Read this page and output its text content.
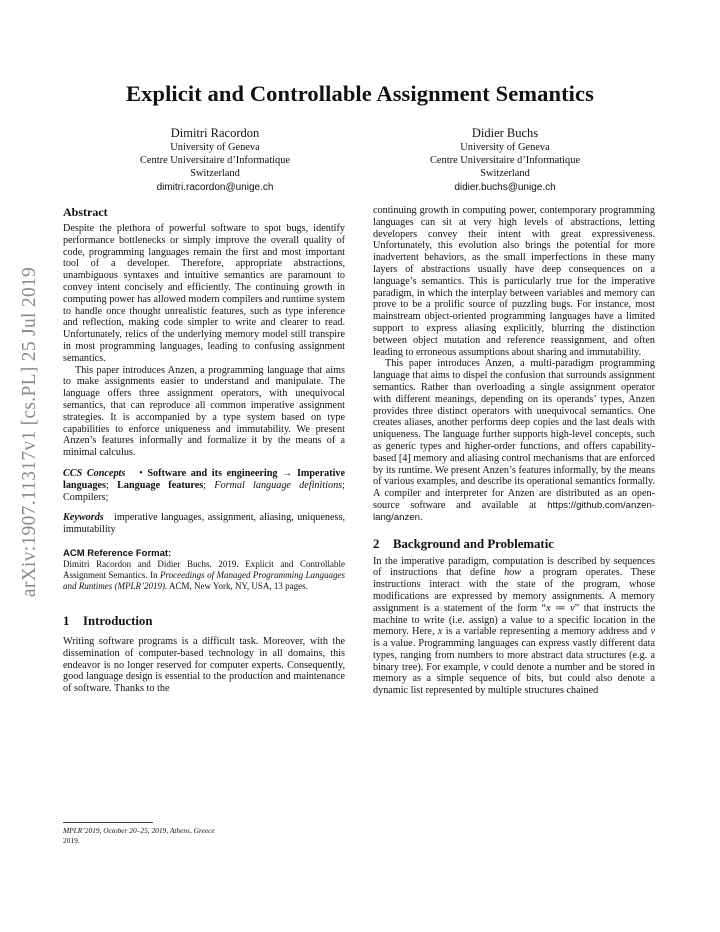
arXiv:1907.11317v1 [cs.PL] 25 Jul 2019
Explicit and Controllable Assignment Semantics
Dimitri Racordon
University of Geneva
Centre Universitaire d’Informatique
Switzerland
dimitri.racordon@unige.ch
Didier Buchs
University of Geneva
Centre Universitaire d’Informatique
Switzerland
didier.buchs@unige.ch
Abstract

Despite the plethora of powerful software to spot bugs, identify performance bottlenecks or simply improve the overall quality of code, programming languages remain the first and most important tool of a developer. Therefore, appropriate abstractions, unambiguous syntaxes and intuitive semantics are paramount to convey intent concisely and efficiently. The continuing growth in computing power has allowed modern compilers and runtime system to handle once thought unrealistic features, such as type inference and reflection, making code simpler to write and clearer to read. Unfortunately, relics of the underlying memory model still transpire in most programming languages, leading to confusing assignment semantics.

This paper introduces Anzen, a programming language that aims to make assignments easier to understand and manipulate. The language offers three assignment operators, with unequivocal semantics, that can reproduce all common imperative assignment strategies. It is accompanied by a type system based on type capabilities to enforce uniqueness and immutability. We present Anzen’s features informally and formalize it by the means of a minimal calculus.

CCS Concepts • Software and its engineering → Imperative languages; Language features; Formal language definitions; Compilers;

Keywords imperative languages, assignment, aliasing, uniqueness, immutability

ACM Reference Format:

Dimitri Racordon and Didier Buchs. 2019. Explicit and Controllable Assignment Semantics. In Proceedings of Managed Programming Languages and Runtimes (MPLR’2019). ACM, New York, NY, USA, 13 pages.

1 Introduction

Writing software programs is a difficult task. Moreover, with the dissemination of computer-based technology in all domains, this endeavor is no longer reserved for computer experts. Consequently, good language design is essential to the production and maintenance of software. Thanks to the

continuing growth in computing power, contemporary programming languages can sit at very high levels of abstractions, letting developers convey their intent with great expressiveness. Unfortunately, this evolution also brings the potential for more inadvertent behaviors, as the small imperfections in these many layers of abstractions usually have deep consequences on a language’s semantics. This is particularly true for the imperative paradigm, in which the interplay between variables and memory can prove to be a prolific source of puzzling bugs. For instance, most mainstream object-oriented programming languages have a limited support to express aliasing explicitly, blurring the distinction between object mutation and reference reassignment, and often leading to erroneous assumptions about sharing and immutability.

This paper introduces Anzen, a multi-paradigm programming language that aims to dispel the confusion that surrounds assignment semantics. Rather than overloading a single assignment operator with different meanings, depending on its operands’ types, Anzen provides three distinct operators with unequivocal semantics. One creates aliases, another performs deep copies and the last deals with uniqueness. The language further supports high-level concepts, such as generic types and higher-order functions, and offers capability-based [4] memory and aliasing control mechanisms that are enforced by its runtime. We present Anzen’s features informally, by the means of various examples, and describe its operational semantics formally. A compiler and interpreter for Anzen are distributed as an open-source software and available at https://github.com/anzen-lang/anzen.

2 Background and Problematic

In the imperative paradigm, computation is described by sequences of instructions that define how a program operates. These instructions interact with the state of the program, whose modifications are expressed by memory assignments. A memory assignment is a statement of the form “x ≔ v” that instructs the machine to write (i.e. assign) a value to a specific location in the memory. Here, x is a variable representing a memory address and v is a value. Programming languages can express vastly different data types, ranging from numbers to more abstract data structures (e.g. a binary tree). For example, v could denote a number and be stored in memory as a simple sequence of bits, but could also denote a dynamic list represented by multiple structures chained

MPLR’2019, October 20–25, 2019, Athens, Greece
2019.
